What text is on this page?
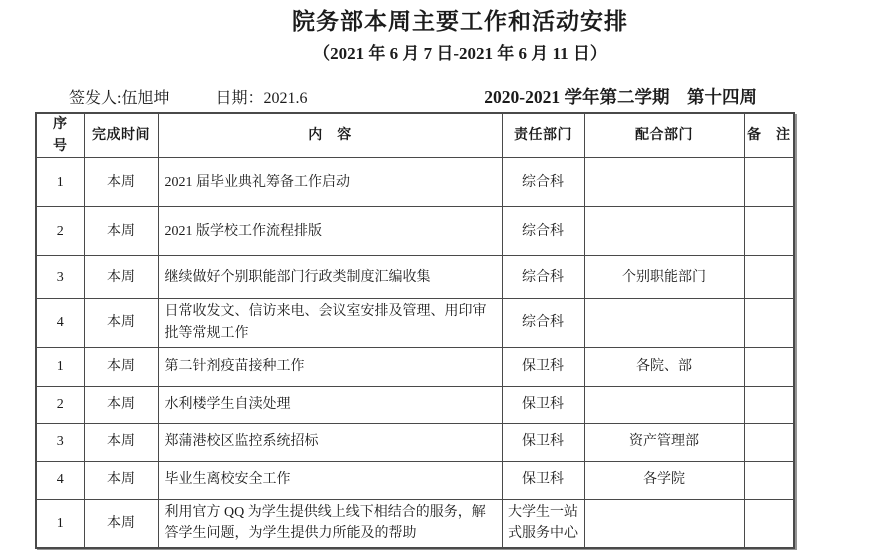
院务部本周主要工作和活动安排
（2021 年 6 月 7 日-2021 年 6 月 11 日）
签发人:伍旭坤	日期：2021.6	2020-2021 学年第二学期　第十四周
序　号	完成时间	内　容	责任部门	配合部门	备　注
1	本周	2021 届毕业典礼筹备工作启动	综合科		
2	本周	2021 版学校工作流程排版	综合科		
3	本周	继续做好个别职能部门行政类制度汇编收集	综合科	个别职能部门	
4	本周	日常收发文、信访来电、会议室安排及管理、用印审批等常规工作	综合科		
1	本周	第二针剂疫苗接种工作	保卫科	各院、部	
2	本周	水利楼学生自渎处理	保卫科		
3	本周	郑蒲港校区监控系统招标	保卫科	资产管理部	
4	本周	毕业生离校安全工作	保卫科	各学院	
1	本周	利用官方 QQ 为学生提供线上线下相结合的服务，解答学生问题，为学生提供力所能及的帮助	大学生一站式服务中心		
